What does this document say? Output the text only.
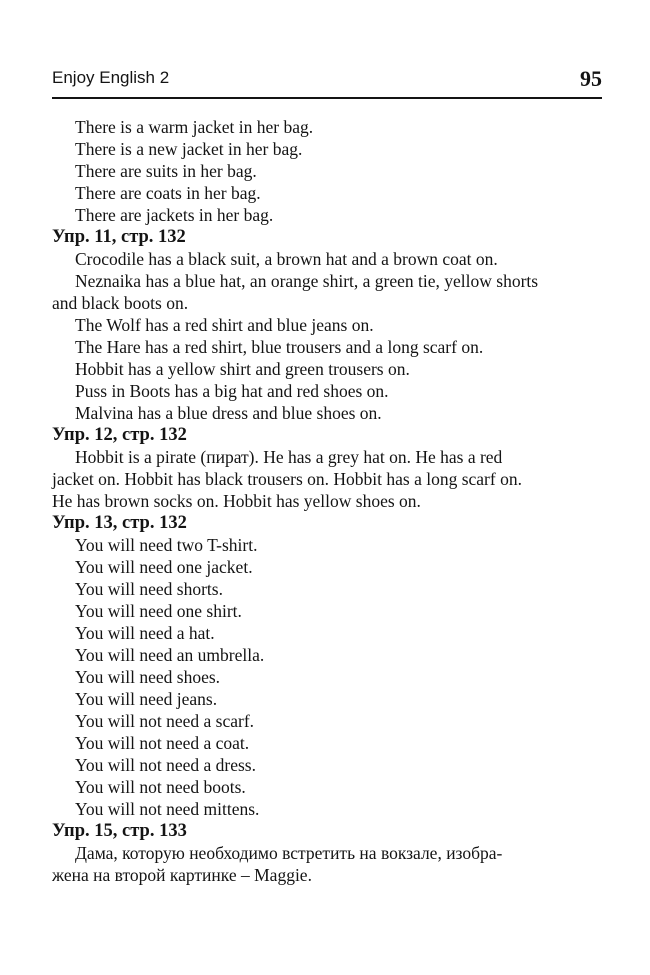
Enjoy English 2	95

There is a warm jacket in her bag.

There is a new jacket in her bag.

There are suits in her bag.

There are coats in her bag.

There are jackets in her bag.

Упр. 11, стр. 132

Crocodile has a black suit, a brown hat and a brown coat on.

Neznaika has a blue hat, an orange shirt, a green tie, yellow shorts

and black boots on.

The Wolf has a red shirt and blue jeans on.

The Hare has a red shirt, blue trousers and a long scarf on.

Hobbit has a yellow shirt and green trousers on.

Puss in Boots has a big hat and red shoes on.

Malvina has a blue dress and blue shoes on.

Упр. 12, стр. 132

Hobbit is a pirate (пират). He has a grey hat on. He has a red

jacket on. Hobbit has black trousers on. Hobbit has a long scarf on.

He has brown socks on. Hobbit has yellow shoes on.

Упр. 13, стр. 132

You will need two T-shirt.

You will need one jacket.

You will need shorts.

You will need one shirt.

You will need a hat.

You will need an umbrella.

You will need shoes.

You will need jeans.

You will not need a scarf.

You will not need a coat.

You will not need a dress.

You will not need boots.

You will not need mittens.

Упр. 15, стр. 133

Дама, которую необходимо встретить на вокзале, изобра-

жена на второй картинке – Maggie.
